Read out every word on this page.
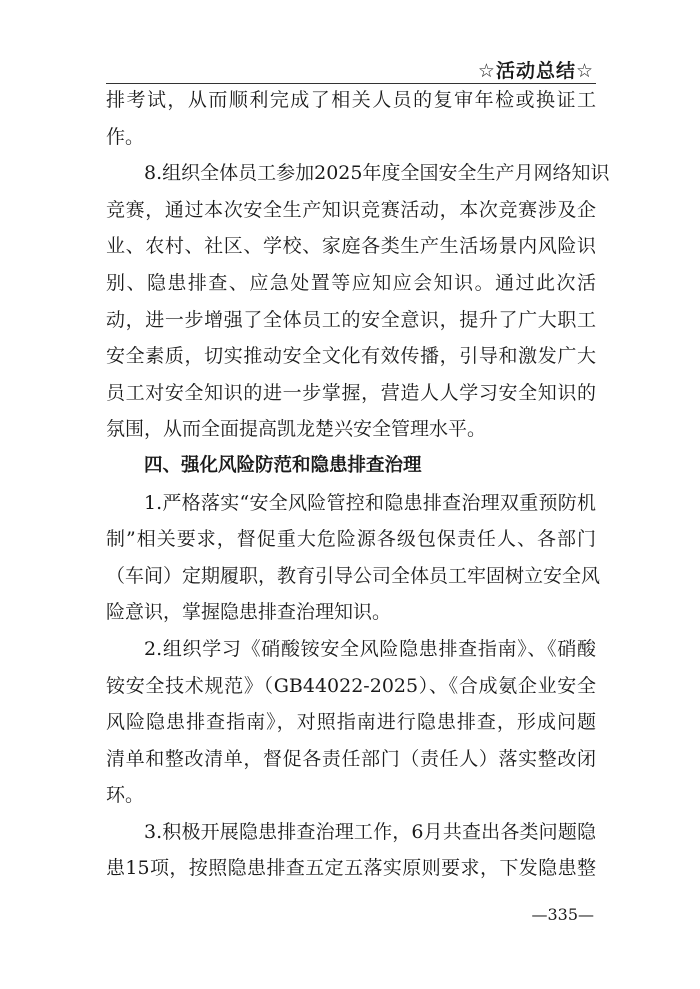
☆活动总结☆
排考试，从而顺利完成了相关人员的复审年检或换证工
作。
8.组织全体员工参加2025年度全国安全生产月网络知识
竞赛，通过本次安全生产知识竞赛活动，本次竞赛涉及企
业、农村、社区、学校、家庭各类生产生活场景内风险识
别、隐患排查、应急处置等应知应会知识。通过此次活
动，进一步增强了全体员工的安全意识，提升了广大职工
安全素质，切实推动安全文化有效传播，引导和激发广大
员工对安全知识的进一步掌握，营造人人学习安全知识的
氛围，从而全面提高凯龙楚兴安全管理水平。
四、强化风险防范和隐患排查治理
1.严格落实“安全风险管控和隐患排查治理双重预防机
制”相关要求，督促重大危险源各级包保责任人、各部门
（车间）定期履职，教育引导公司全体员工牢固树立安全风
险意识，掌握隐患排查治理知识。
2.组织学习《硝酸铵安全风险隐患排查指南》、《硝酸
铵安全技术规范》（GB44022-2025）、《合成氨企业安全
风险隐患排查指南》，对照指南进行隐患排查，形成问题
清单和整改清单，督促各责任部门（责任人）落实整改闭
环。
3.积极开展隐患排查治理工作，6月共查出各类问题隐
患15项，按照隐患排查五定五落实原则要求，下发隐患整
—335—
